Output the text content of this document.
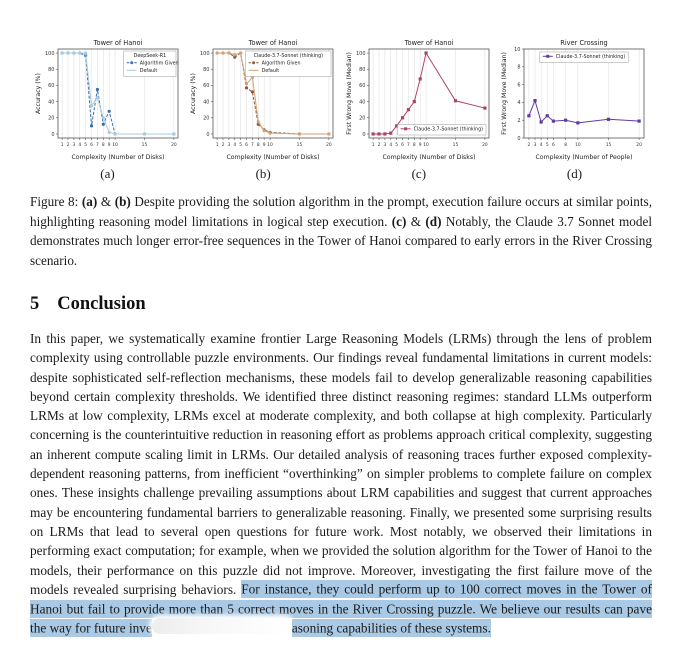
0
20
40
60
80
100
1 2 3 4 5 6 7 8 9 10	15	20
Tower of Hanoi
Complexity (Number of Disks)
Accuracy (%)
DeepSeek-R1
Algorithm Given
Default
(a)
0
20
40
60
80
100
1 2 3 4 5 6 7 8 9 10	15	20
Tower of Hanoi
Complexity (Number of Disks)
Accuracy (%)
Claude-3.7-Sonnet (thinking)
Algorithm Given
Default
(b)
0
20
40
60
80
100
1 2 3 4 5 6 7 8 9 10	15	20
Tower of Hanoi
Complexity (Number of Disks)
First Wrong Move (Median)	Claude-3.7-Sonnet (thinking)
(c)
0
2
4
6
8
10
2 3 4 5 6 8 10	15	20
River Crossing
Complexity (Number of People)
First Wrong Move (Median)	Claude-3.7-Sonnet (thinking)
(d)

Figure 8: (a) & (b) Despite providing the solution algorithm in the prompt, execution failure occurs at similar points, highlighting reasoning model limitations in logical step execution. (c) & (d) Notably, the Claude 3.7 Sonnet model demonstrates much longer error-free sequences in the Tower of Hanoi compared to early errors in the River Crossing scenario.

5 Conclusion

In this paper, we systematically examine frontier Large Reasoning Models (LRMs) through the lens of problem complexity using controllable puzzle environments. Our findings reveal fundamental limitations in current models: despite sophisticated self-reflection mechanisms, these models fail to develop generalizable reasoning capabilities beyond certain complexity thresholds. We identified three distinct reasoning regimes: standard LLMs outperform LRMs at low complexity, LRMs excel at moderate complexity, and both collapse at high complexity. Particularly concerning is the counterintuitive reduction in reasoning effort as problems approach critical complexity, suggesting an inherent compute scaling limit in LRMs. Our detailed analysis of reasoning traces further exposed complexity-dependent reasoning patterns, from inefficient “overthinking” on simpler problems to complete failure on complex ones. These insights challenge prevailing assumptions about LRM capabilities and suggest that current approaches may be encountering fundamental barriers to generalizable reasoning. Finally, we presented some surprising results on LRMs that lead to several open questions for future work. Most notably, we observed their limitations in performing exact computation; for example, when we provided the solution algorithm for the Tower of Hanoi to the models, their performance on this puzzle did not improve. Moreover, investigating the first failure move of the models revealed surprising behaviors. For instance, they could perform up to 100 correct moves in the Tower of Hanoi but fail to provide more than 5 correct moves in the River Crossing puzzle. We believe our results can pave the way for future inve	asoning capabilities of these systems.
